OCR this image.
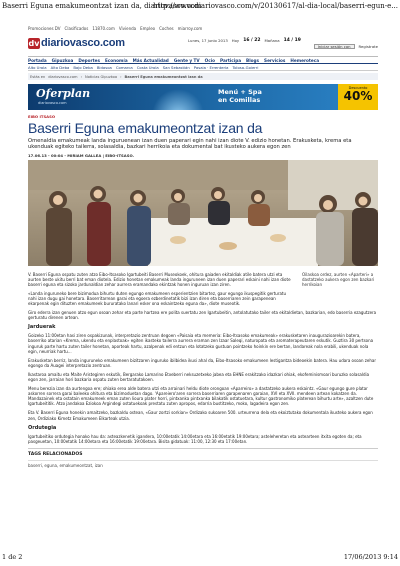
Baserri Eguna emakumeontzat izan da, diariovasco.com
http://www.diariovasco.com/v/20130617/al-dia-local/baserri-egun-e...
Promociones DV Clasificados 11870.com Vivienda Empleo Coches miarroy.com
dv diariovasco.com	Lunes, 17 junio 2013 Hoy 16 / 22 Mañana 14 / 19
Iniciar sesión con	Registrate
Portada Gipuzkoa Deportes Economía Más Actualidad Gente y TV Ocio Participa Blogs Servicios Hemeroteca
Alto Urola Alto Deba Bajo Deba Bidasoa Comarca Costa Urola San Sebastián Pasaia · Errenteria Tolosa-Goierri
Estás en diariovasco.com › Noticias Gipuzkoa › Baserri Eguna emakumeontzat izan da
Oferplan
diariovasco.com
Menú + Spa
en Comillas
Descuento
40%
EIBO ITSASO
Baserri Eguna emakumeontzat izan da
Omenaldia emakumeak landa inguruenean izan duen paperari egin nahi izan diote V. edizio honetan. Erakusketa, krema eta ukenduak egiteko tailerra, solasaldia, bazkari herrikoia eta dokumental bat ikusteko aukera egon zen
17.06.13 - 00:04 - MIRIAM GALLEA | EIBO-ITSASO.

V. Baserri Eguna ospatu zuten atzo Eibo-Itsasoko Igartubeiti Baserri Museokoek, ohitura gaiaden ekitaldiak atile batera utzi eta aurten beste ukitu berri bat eman diotela. Edizio honetan emakumeak landa inguruneen izan duen paperari eskaini nahi izan diote baserri eguna eta sizoko jardunaldian zehar aurrera eramandako ekintzak honen inguruan izan ziren.

«Landa inguruneko bere bizimodua bihurtu duten egungo emakumeen esperientzien bitartez, gaur egungo ikuspegitik gerturatu nahi izan dugu gai honetara. Baserritarrean garai eta egoera ezberdinetatik bizi izan diren eta baserriaren zein garapenean ekarpenak egin dituzten emakumeek bururatako lanari esker ona eskaintzeko eguna da», diote museotik.

Oilaskoa ordez, aurten «Aparteri» a dastatzeko aukera egon zen bazkari herrikoian

Giro ederra izan genuen atzo egun osoan zehar eta parte hartzea ere polita suertatu zen Igartubeitin, antolatutako tailer eta ekitaldietan, bazkarian, edo baserria ezagutzera gerturatu direnen artean.

Jarduerak

Goizeko 11:00etan hasi ziren ospakizunak, interpretazio zentruan degoen «Paisaia eta memeria: Eibo-Itsasoko emakumeak» erakusketaren inaugurazioarekin batera, baserriko atarian «Krema, ukendu eta enplastoak» egiten ikasteko tailerra aurrera eraman zen Izaar Saleqi, naturopata eta aromaterapeutaren eskutik. Guztira 30 pertsona inguruk parte hartu zuten tailer honetan, aporteak hartu, azalpenak edi entzun eta lotatzeko gustuan pointzeko hoinkin ere bertan, landareak nola erabili, ukenduak nola egin, neurriak hartu...

Erakusketan berriz, landa inguruneko emakumeen bizitzaren inguruko ibilbidea ikusi ahal da, Eibo-Itsasoko emakumeen lestigantza bideoekin batera. Hau udara osoan zehar egongo da Auagei interpretazio zentruan.

Ikastaroa amaitu eta Maite Aristegiren eskutik, Bergarako Lamarino Etxeberri neksuzetxeko jabea eta EHNE erakitzako idazkari ohiak, ekofeminismoari buruzko solasaldia egon zen, jarraian hori bazkaria ospatu zuten bertaratutakoen.

Menu berezia izan da aurtengoa ere; ohiako erea alde batera utzi eta arrainari heldu diote orongoan «Aparreiro» a dastatzeko aukera eskaintz. «Gaur egungo gure platar askorren sorrera garai baleeko ohitura eta bizimoduetan dago. 'Apareiero'aren sorrera baserriaren garapenaren garaian, XVI eta XVII. mendeen artean kokatzen da. Mandazainek eta ostatain emakumeek eman zuten lioura plater horri, pintxanka pintxanka bilakatik ostatuetara, kultur gastronomiko platerean bihurtu arte», azaltzen dute Igartubeititik. Atzo jandakoa Eziokoa Argindegi ostatuekoak prestatu zuten apropos, edarria bustitzeko, moko, lagadeira egon zen.

Eta V. Baserri Eguna honekin amaitzeko, bazkaldu ostean, «Gaur zortzi sorkian» Ordizako sukoaren 500. urteurrena dela eta ekoiztutako dokumentala ikusteko aukera egon zen, Ordiziako Kimetz Emakumeen Elkarteak utzia.

Ordutegia

Igartubeitiko ordutegia honako hau da: asteazkenetik igandera, 10:00etatik 14:00etara eta 16:00etatik 19:00etara; asteleheretan eta astearteen itxita egoten da; eta pasgeuetan, 10:00etatik 14:00etara eta 16:00etatik 19:00etara. Bisita gidatuak: 11:00, 12:30 eta 17:00etan.

TAGS RELACIONADOS
baserri, eguna, emakumeontzat, izan
1 de 2	17/06/2013 9:14
